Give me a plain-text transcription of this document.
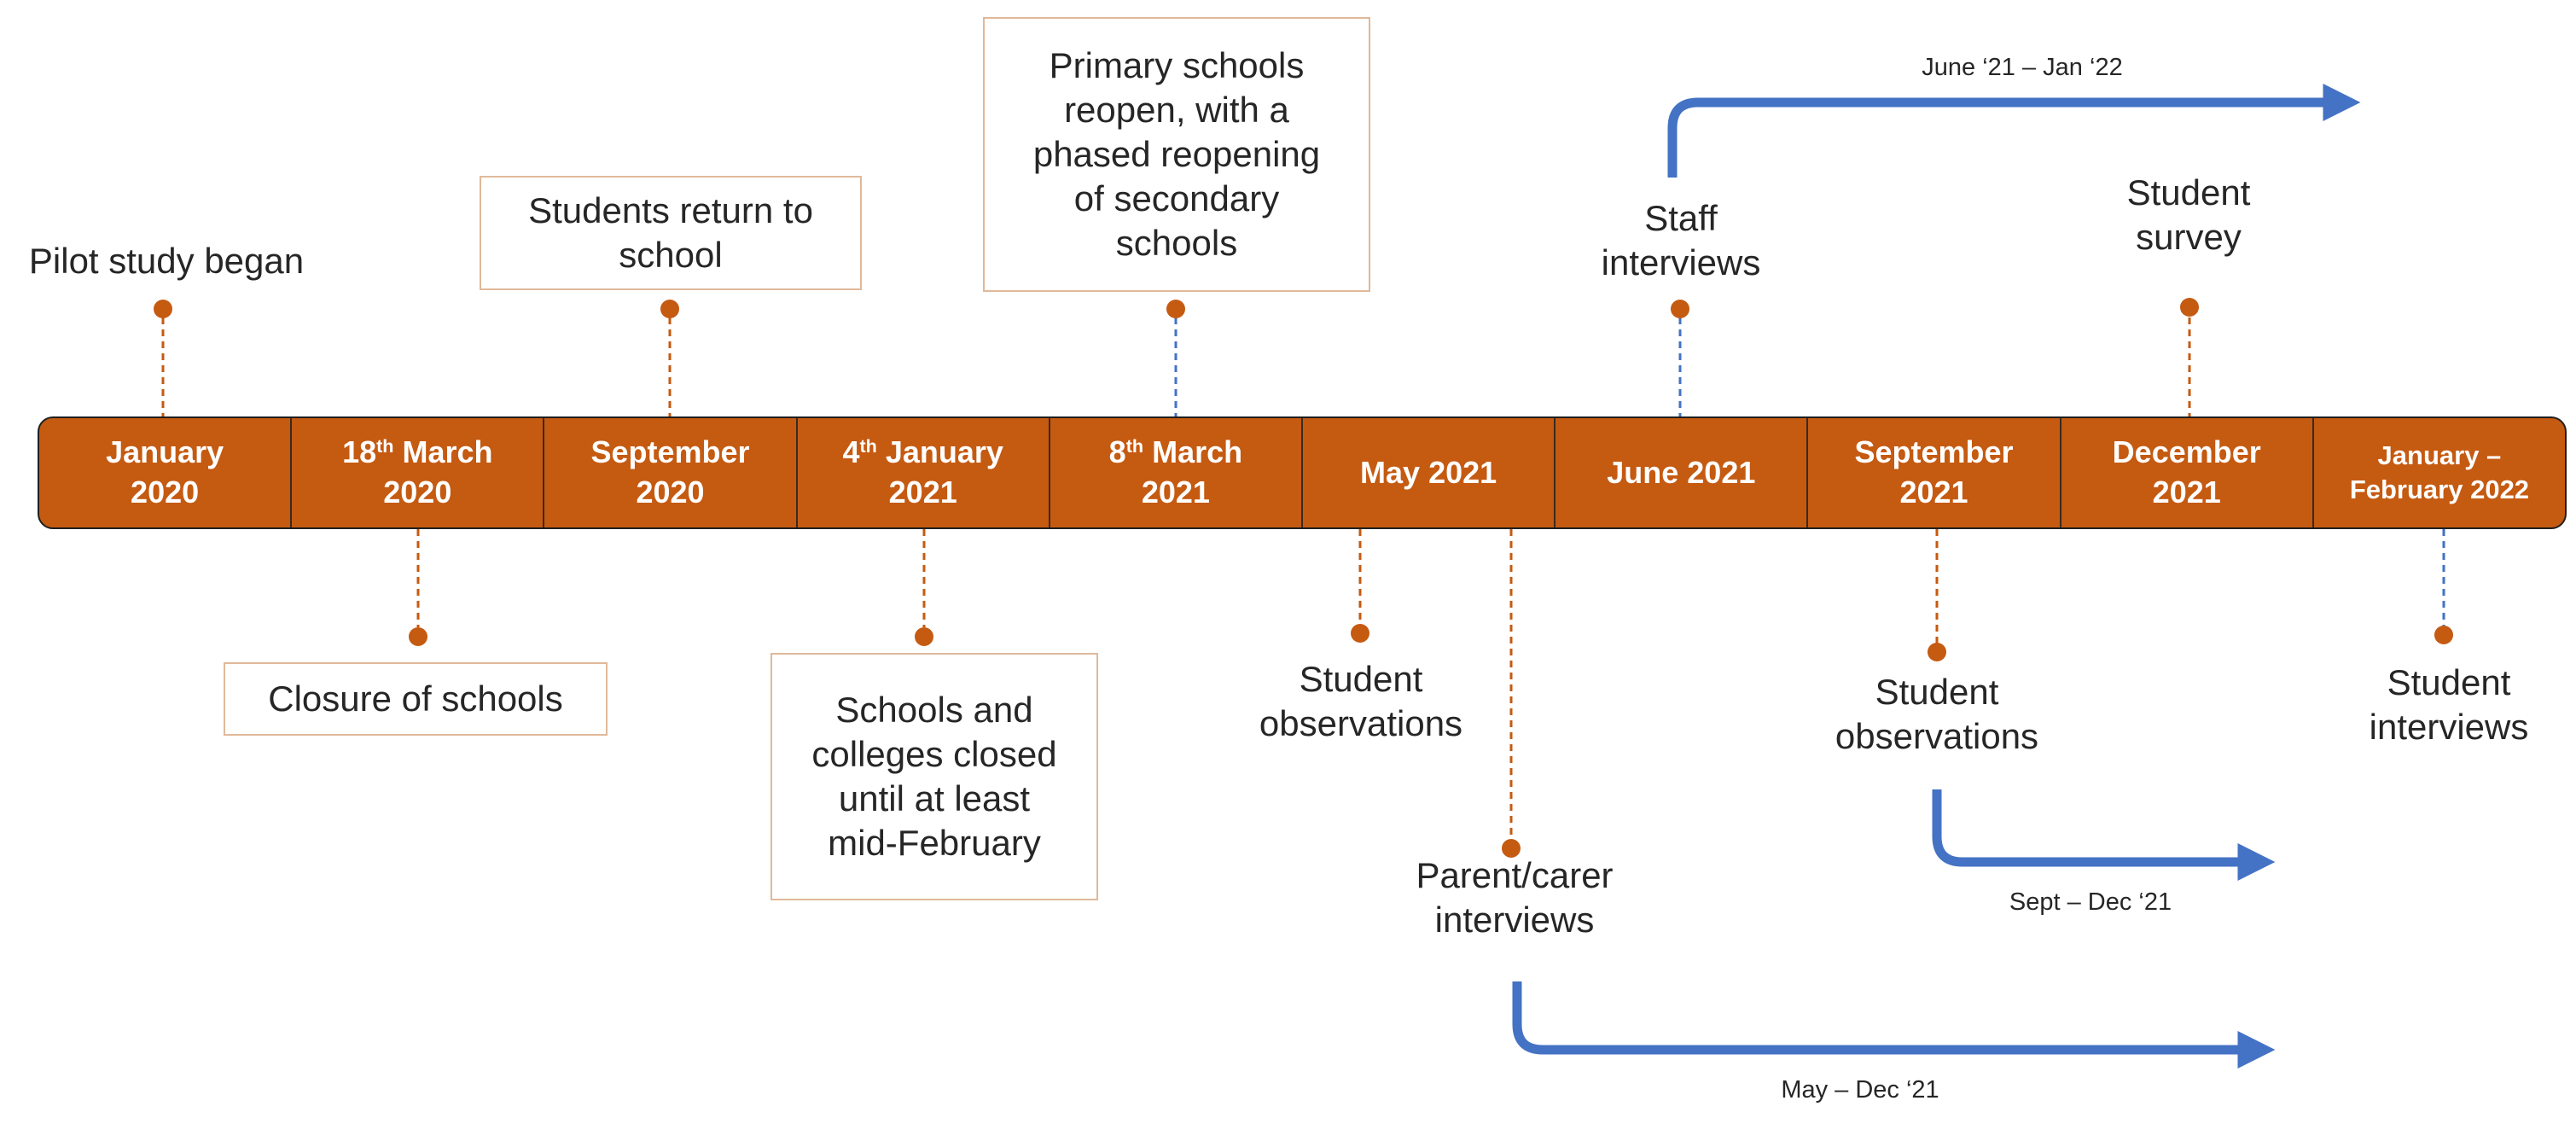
January
2020
18th March
2020
September
2020
4th January
2021
8th March
2021
May 2021	June 2021
September
2021
December
2021
January –
February 2022
Pilot study began
Students return to
school
Primary schools
reopen, with a
phased reopening
of secondary
schools
June ‘21 – Jan ‘22
Staff
interviews
Student
survey
Closure of schools	Schools and
colleges closed
until at least
mid-February
Student
observations
Student
observations
Student
interviews
Sept – Dec ‘21
Parent/carer
interviews
May – Dec ‘21
